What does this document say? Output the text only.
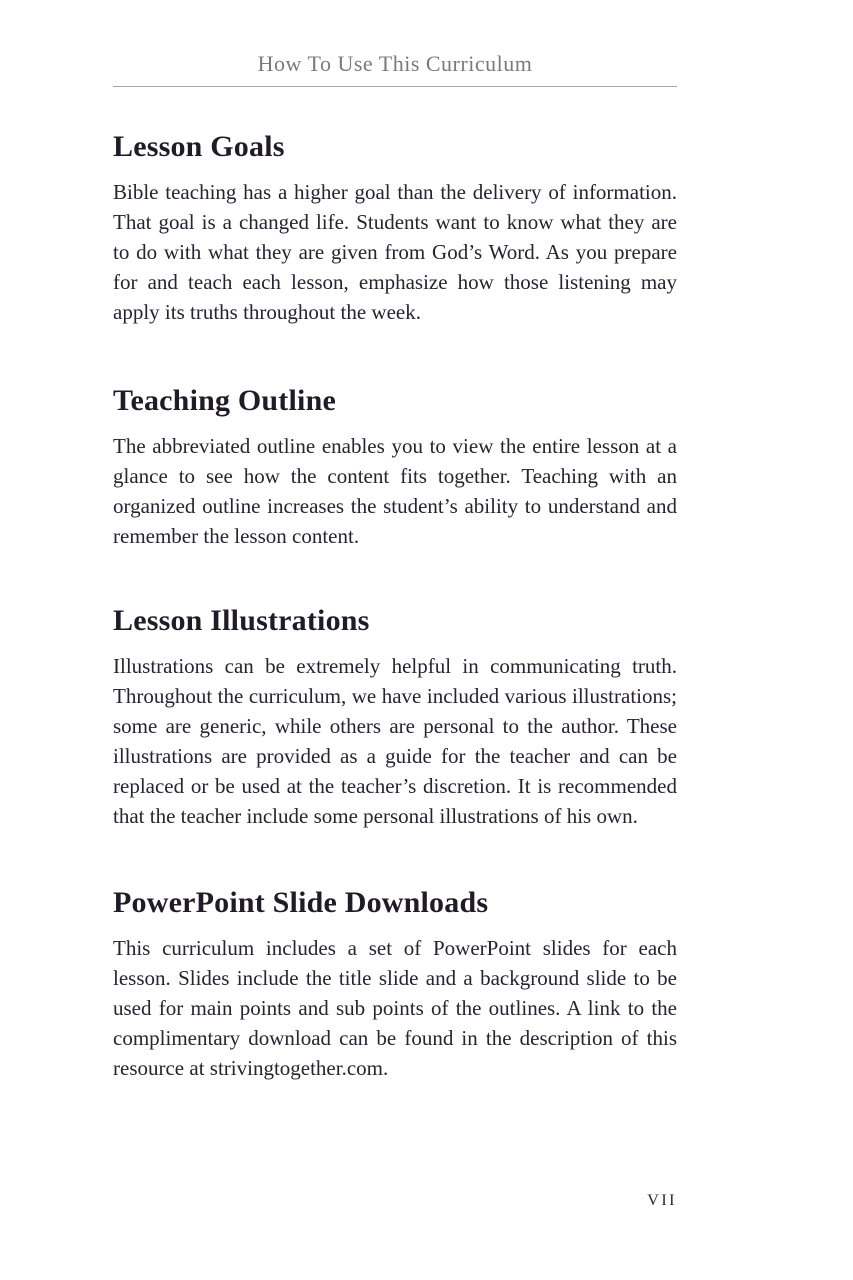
How To Use This Curriculum
Lesson Goals

Bible teaching has a higher goal than the delivery of information. That goal is a changed life. Students want to know what they are to do with what they are given from God’s Word. As you prepare for and teach each lesson, emphasize how those listening may apply its truths throughout the week.

Teaching Outline

The abbreviated outline enables you to view the entire lesson at a glance to see how the content fits together. Teaching with an organized outline increases the student’s ability to understand and remember the lesson content.

Lesson Illustrations

Illustrations can be extremely helpful in communicating truth. Throughout the curriculum, we have included various illustrations; some are generic, while others are personal to the author. These illustrations are provided as a guide for the teacher and can be replaced or be used at the teacher’s discretion. It is recommended that the teacher include some personal illustrations of his own.

PowerPoint Slide Downloads

This curriculum includes a set of PowerPoint slides for each lesson. Slides include the title slide and a background slide to be used for main points and sub points of the outlines. A link to the complimentary download can be found in the description of this resource at strivingtogether.com.

VII
